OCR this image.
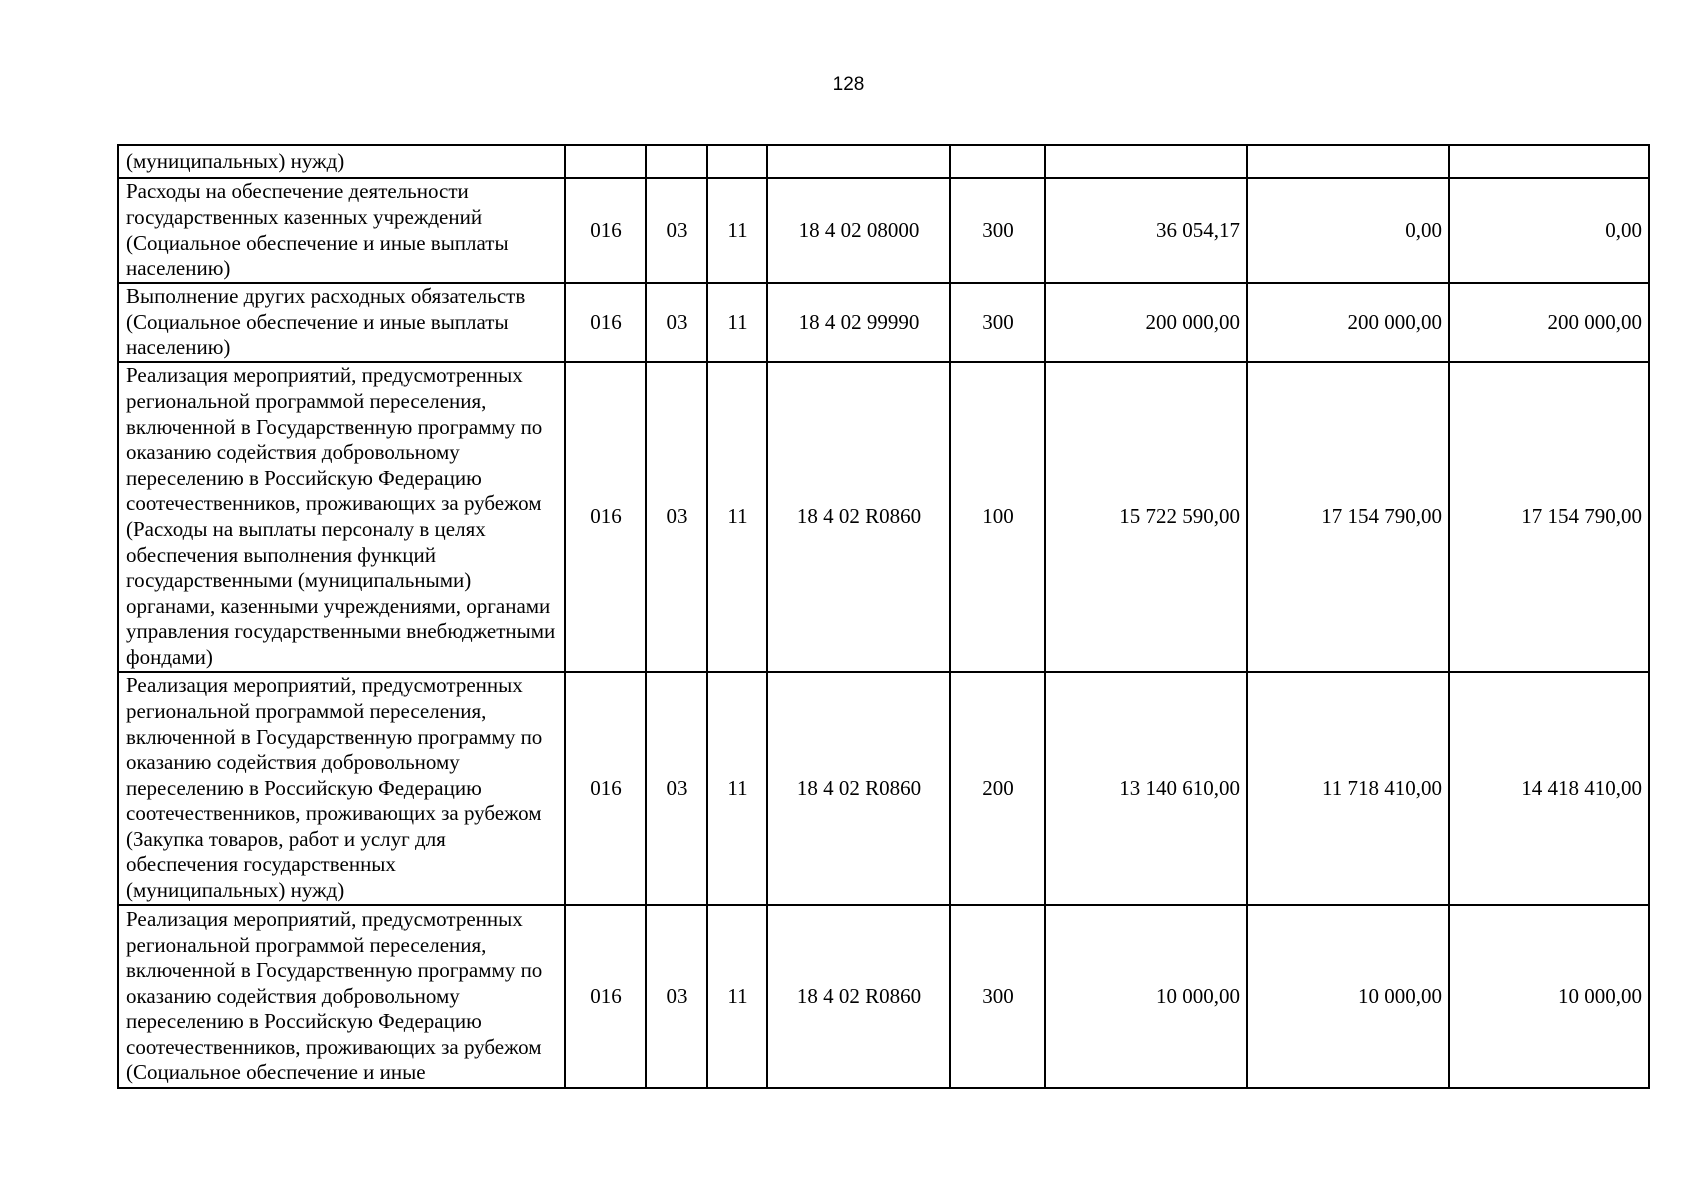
128
(муниципальных) нужд)								
Расходы на обеспечение деятельности государственных казенных учреждений (Социальное обеспечение и иные выплаты населению)	016	03	11	18 4 02 08000	300	36 054,17	0,00	0,00
Выполнение других расходных обязательств (Социальное обеспечение и иные выплаты населению)	016	03	11	18 4 02 99990	300	200 000,00	200 000,00	200 000,00
Реализация мероприятий, предусмотренных региональной программой переселения, включенной в Государственную программу по оказанию содействия добровольному переселению в Российскую Федерацию соотечественников, проживающих за рубежом (Расходы на выплаты персоналу в целях обеспечения выполнения функций государственными (муниципальными) органами, казенными учреждениями, органами управления государственными внебюджетными фондами)	016	03	11	18 4 02 R0860	100	15 722 590,00	17 154 790,00	17 154 790,00
Реализация мероприятий, предусмотренных региональной программой переселения, включенной в Государственную программу по оказанию содействия добровольному переселению в Российскую Федерацию соотечественников, проживающих за рубежом (Закупка товаров, работ и услуг для обеспечения государственных (муниципальных) нужд)	016	03	11	18 4 02 R0860	200	13 140 610,00	11 718 410,00	14 418 410,00
Реализация мероприятий, предусмотренных региональной программой переселения, включенной в Государственную программу по оказанию содействия добровольному переселению в Российскую Федерацию соотечественников, проживающих за рубежом (Социальное обеспечение и иные	016	03	11	18 4 02 R0860	300	10 000,00	10 000,00	10 000,00
